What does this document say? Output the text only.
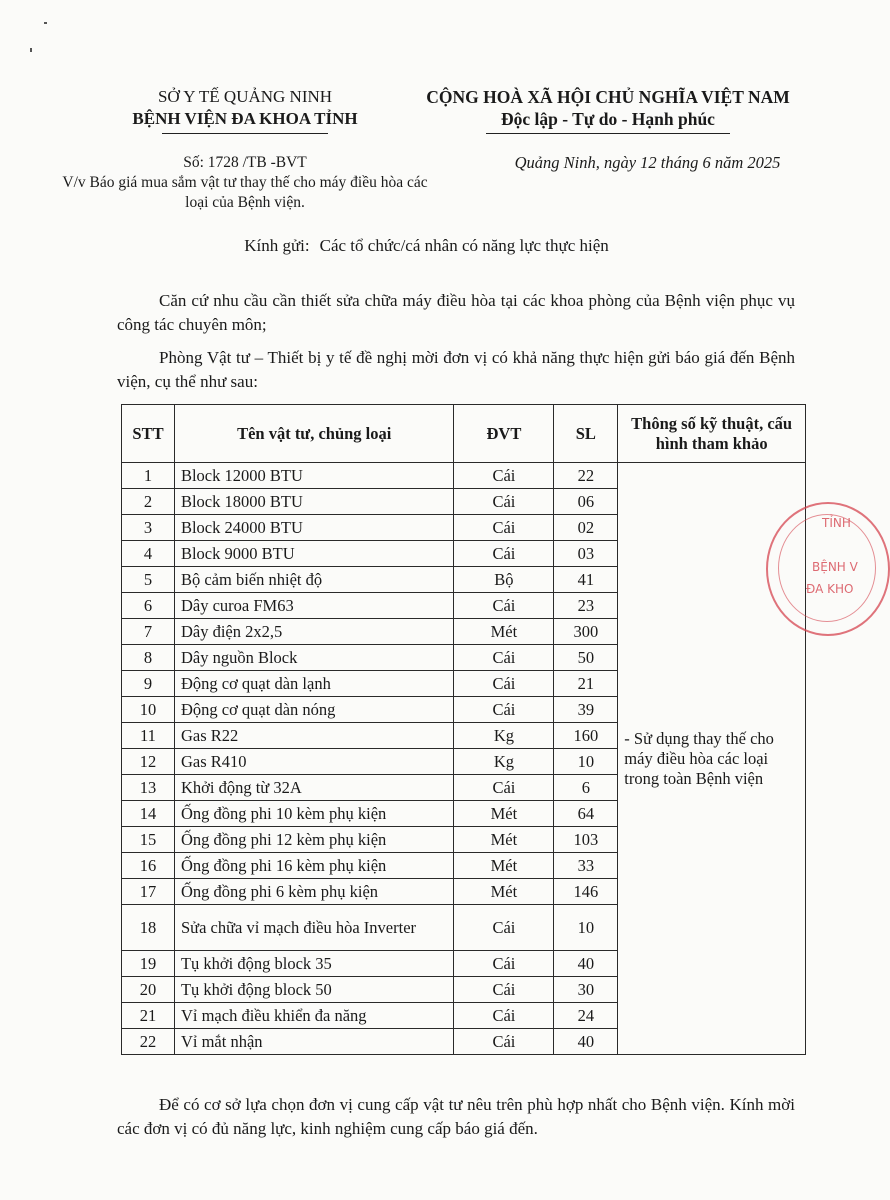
SỞ Y TẾ QUẢNG NINH
BỆNH VIỆN ĐA KHOA TỈNH
CỘNG HOÀ XÃ HỘI CHỦ NGHĨA VIỆT NAM
Độc lập - Tự do - Hạnh phúc
Số: 1728 /TB -BVT
V/v Báo giá mua sắm vật tư thay thế cho máy điều hòa các loại của Bệnh viện.
Quảng Ninh, ngày 12 tháng 6 năm 2025
Kính gửi: Các tổ chức/cá nhân có năng lực thực hiện
Căn cứ nhu cầu cần thiết sửa chữa máy điều hòa tại các khoa phòng của Bệnh viện phục vụ công tác chuyên môn;
Phòng Vật tư – Thiết bị y tế đề nghị mời đơn vị có khả năng thực hiện gửi báo giá đến Bệnh viện, cụ thể như sau:
STT	Tên vật tư, chủng loại	ĐVT	SL	Thông số kỹ thuật, cấu hình tham khảo
1	Block 12000 BTU	Cái	22	- Sử dụng thay thế cho máy điều hòa các loại trong toàn Bệnh viện
2	Block 18000 BTU	Cái	06	
3	Block 24000 BTU	Cái	02	
4	Block 9000 BTU	Cái	03	
5	Bộ cảm biến nhiệt độ	Bộ	41	
6	Dây curoa FM63	Cái	23	
7	Dây điện 2x2,5	Mét	300	
8	Dây nguồn Block	Cái	50	
9	Động cơ quạt dàn lạnh	Cái	21	
10	Động cơ quạt dàn nóng	Cái	39	
11	Gas R22	Kg	160	
12	Gas R410	Kg	10	
13	Khởi động từ 32A	Cái	6	
14	Ống đồng phi 10 kèm phụ kiện	Mét	64	
15	Ống đồng phi 12 kèm phụ kiện	Mét	103	
16	Ống đồng phi 16 kèm phụ kiện	Mét	33	
17	Ống đồng phi 6 kèm phụ kiện	Mét	146	
18	Sửa chữa vỉ mạch điều hòa Inverter	Cái	10	
19	Tụ khởi động block 35	Cái	40	
20	Tụ khởi động block 50	Cái	30	
21	Vỉ mạch điều khiển đa năng	Cái	24	
22	Vỉ mắt nhận	Cái	40	
TỈNH
BỆNH V
ĐA KHO
Để có cơ sở lựa chọn đơn vị cung cấp vật tư nêu trên phù hợp nhất cho Bệnh viện. Kính mời các đơn vị có đủ năng lực, kinh nghiệm cung cấp báo giá đến.
